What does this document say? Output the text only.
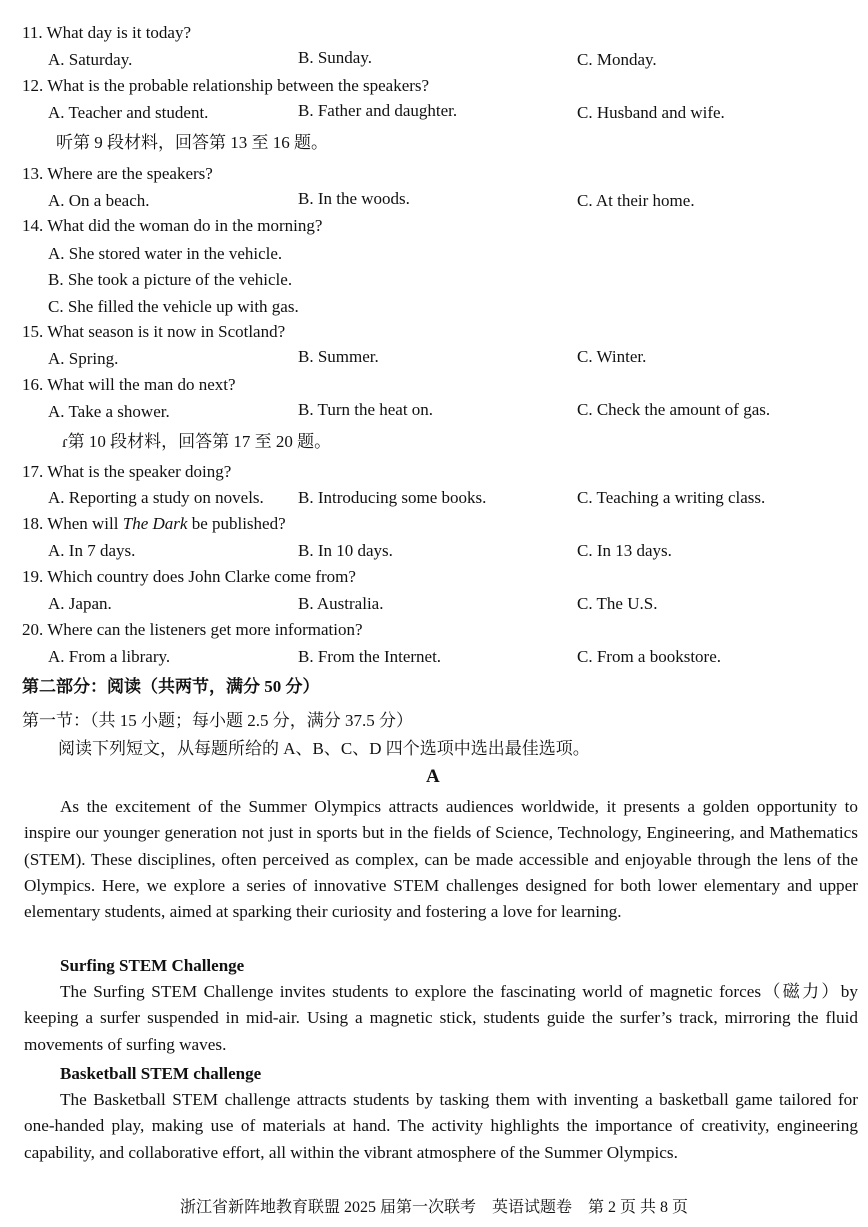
11. What day is it today?
A. Saturday.	B. Sunday.	C. Monday.
12. What is the probable relationship between the speakers?
A. Teacher and student.	B. Father and daughter.	C. Husband and wife.
听第 9 段材料，回答第 13 至 16 题。
13. Where are the speakers?
A. On a beach.	B. In the woods.	C. At their home.
14. What did the woman do in the morning?
A. She stored water in the vehicle.
B. She took a picture of the vehicle.
C. She filled the vehicle up with gas.
15. What season is it now in Scotland?
A. Spring.	B. Summer.	C. Winter.
16. What will the man do next?
A. Take a shower.	B. Turn the heat on.	C. Check the amount of gas.
ɾ第 10 段材料，回答第 17 至 20 题。
17. What is the speaker doing?
A. Reporting a study on novels. B. Introducing some books.	C. Teaching a writing class.
18. When will The Dark be published?
A. In 7 days.	B. In 10 days.	C. In 13 days.
19. Which country does John Clarke come from?
A. Japan.	B. Australia.	C. The U.S.
20. Where can the listeners get more information?
A. From a library.	B. From the Internet.	C. From a bookstore.
第二部分：阅读（共两节，满分 50 分）
第一节：（共 15 小题；每小题 2.5 分，满分 37.5 分）
阅读下列短文，从每题所给的 A、B、C、D 四个选项中选出最佳选项。
A

As the excitement of the Summer Olympics attracts audiences worldwide, it presents a golden opportunity to inspire our younger generation not just in sports but in the fields of Science, Technology, Engineering, and Mathematics (STEM). These disciplines, often perceived as complex, can be made accessible and enjoyable through the lens of the Olympics. Here, we explore a series of innovative STEM challenges designed for both lower elementary and upper elementary students, aimed at sparking their curiosity and fostering a love for learning.

Surfing STEM Challenge

The Surfing STEM Challenge invites students to explore the fascinating world of magnetic forces（磁力）by keeping a surfer suspended in mid-air. Using a magnetic stick, students guide the surfer’s track, mirroring the fluid movements of surfing waves.

Basketball STEM challenge

The Basketball STEM challenge attracts students by tasking them with inventing a basketball game tailored for one-handed play, making use of materials at hand. The activity highlights the importance of creativity, engineering capability, and collaborative effort, all within the vibrant atmosphere of the Summer Olympics.

浙江省新阵地教育联盟 2025 届第一次联考　英语试题卷　第 2 页 共 8 页
